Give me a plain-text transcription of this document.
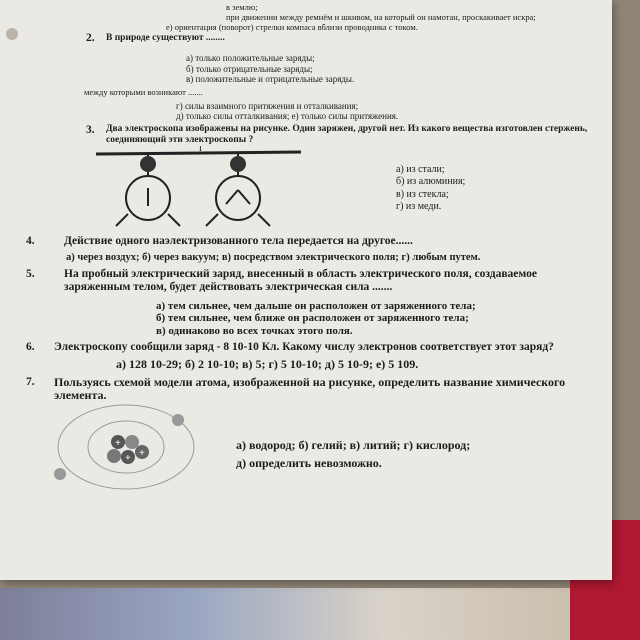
в землю;
при движении между ремнём и шкивом, на который он намотан, проскакивает искра;
е) ориентация (поворот) стрелки компаса вблизи проводника с током.
2.	В природе существуют ........
а) только положительные заряды;
б) только отрицательные заряды;
в) положительные и отрицательные заряды.
между которыми возникают .......
г) силы взаимного притяжения и отталкивания;
д) только силы отталкивания; е) только силы притяжения.
3.	Два электроскопа изображены на рисунке. Один заряжен, другой нет. Из какого вещества изготовлен стержень, соединяющий эти электроскопы ?
I
а) из стали;
б) из алюминия;
в) из стекла;
г) из меди.
4.	Действие одного наэлектризованного тела передается на другое......
а) через воздух; б) через вакуум; в) посредством электрического поля; г) любым путем.
5.	На пробный электрический заряд, внесенный в область электрического поля, создаваемое заряженным телом, будет действовать электрическая сила .......
а) тем сильнее, чем дальше он расположен от заряженного тела;
б) тем сильнее, чем ближе он расположен от заряженного тела;
в) одинаково во всех точках этого поля.
6. Электроскопу сообщили заряд - 8 10-10 Кл. Какому числу электронов соответствует этот заряд?
а) 128 10-29; б) 2 10-10; в) 5; г) 5 10-10; д) 5 10-9; е) 5 109.
7. Пользуясь схемой модели атома, изображенной на рисунке, определить название химического элемента.
+
+ +
а) водород; б) гелий; в) литий; г) кислород;
д) определить невозможно.
